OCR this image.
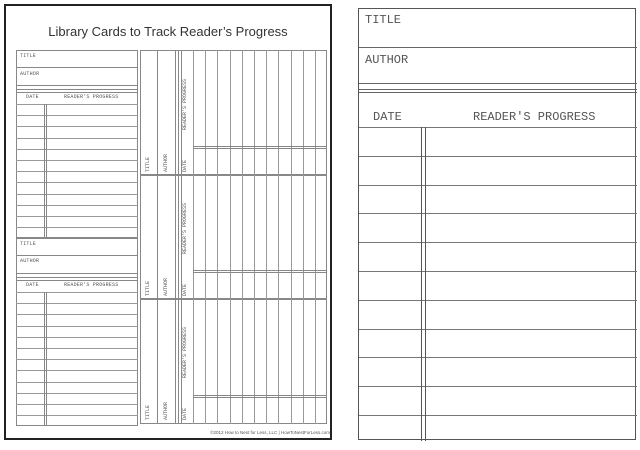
Library Cards to Track Reader’s Progress
TITLE
AUTHOR
DATE	READER’S PROGRESS
TITLE
AUTHOR
DATE	READER’S PROGRESS
TITLE AUTHOR	DATE
READER’S PROGRESS
TITLE AUTHOR	DATE
READER’S PROGRESS
TITLE AUTHOR	DATE
READER’S PROGRESS
©2012 How to Nest for Less, LLC | HowToNestForLess.com
TITLE
AUTHOR
DATE	READER'S PROGRESS
